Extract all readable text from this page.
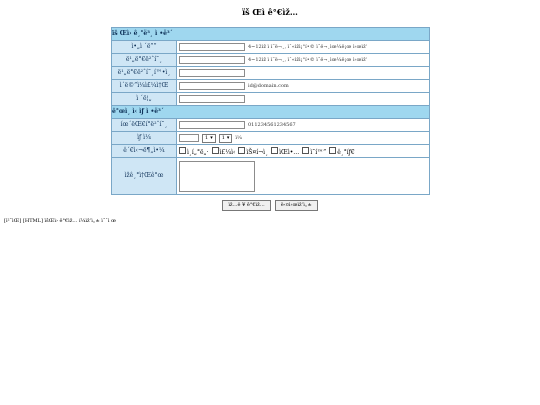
ïš Œì ê°€ìž…
ïš Œì› ê¸°ë³¸ ì •ë³´
ì•„ì ´ë””	4~12ìž ì ì˜ë¬¸, ìˆ«ìžì¡°í•© ì˜ë¬¸ìœ¼ë¡œ ì‹œìž‘
ë¹„ë°€ë²ˆí˜¸	4~12ìž ì ì˜ë¬¸, ìˆ«ìžì¡°í•© ì˜ë¬¸ìœ¼ë¡œ ì‹œìž‘
ë¹„ë°€ë²ˆí˜¸í™•ì¸
ì´ë©”ì¼ì£¼ì†Œ	id@domain.com
ì ´ë¦„
ê°œì¸ ì‹ ìƒ ì •ë³´
íœ´ëŒ€í°ë²ˆí˜¸	011234561234567
ìƒ ì¼	1 ▾ 1 ▾ ì¼
ê´€ì‹¬ë¶„ì•¼	ì¸í„°ë„·	ì£¼ì‹	ìŠ¤í¬ì¸	ìŒì•…	ì˜í™”	ê¸°íƒ€
ìžê¸°ì†Œê°œ
ìž…ë ¥ ê°€ìž…	ë‹¤ì‹œìž‘ì„±
[ì²˜ìŒ] [HTML] ïšŒì› ê°€ìž… í¼ìž‘ì„± ì˜ˆì œ
